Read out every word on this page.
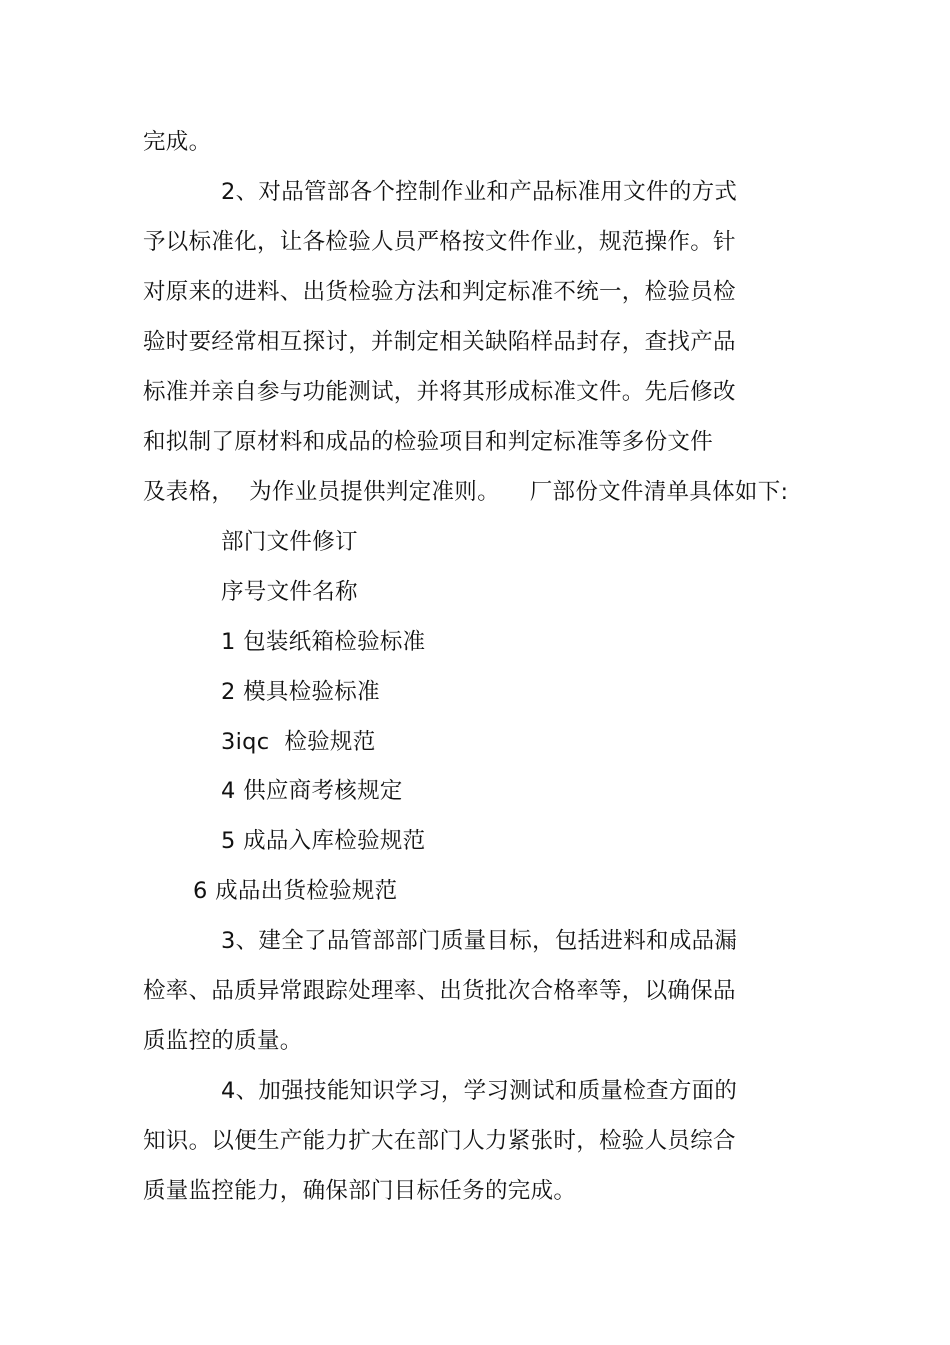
完成。
2、对品管部各个控制作业和产品标准用文件的方式
予以标准化，让各检验人员严格按文件作业，规范操作。针
对原来的进料、出货检验方法和判定标准不统一，检验员检
验时要经常相互探讨，并制定相关缺陷样品封存，查找产品
标准并亲自参与功能测试，并将其形成标准文件。先后修改
和拟制了原材料和成品的检验项目和判定标准等多份文件
及表格，  为作业员提供判定准则。    厂部份文件清单具体如下:
部门文件修订
序号文件名称
1 包装纸箱检验标准
2 模具检验标准
3iqc  检验规范
4 供应商考核规定
5 成品入库检验规范
6 成品出货检验规范
3、建全了品管部部门质量目标，包括进料和成品漏
检率、品质异常跟踪处理率、出货批次合格率等，以确保品
质监控的质量。
4、加强技能知识学习，学习测试和质量检查方面的
知识。以便生产能力扩大在部门人力紧张时，检验人员综合
质量监控能力，确保部门目标任务的完成。
